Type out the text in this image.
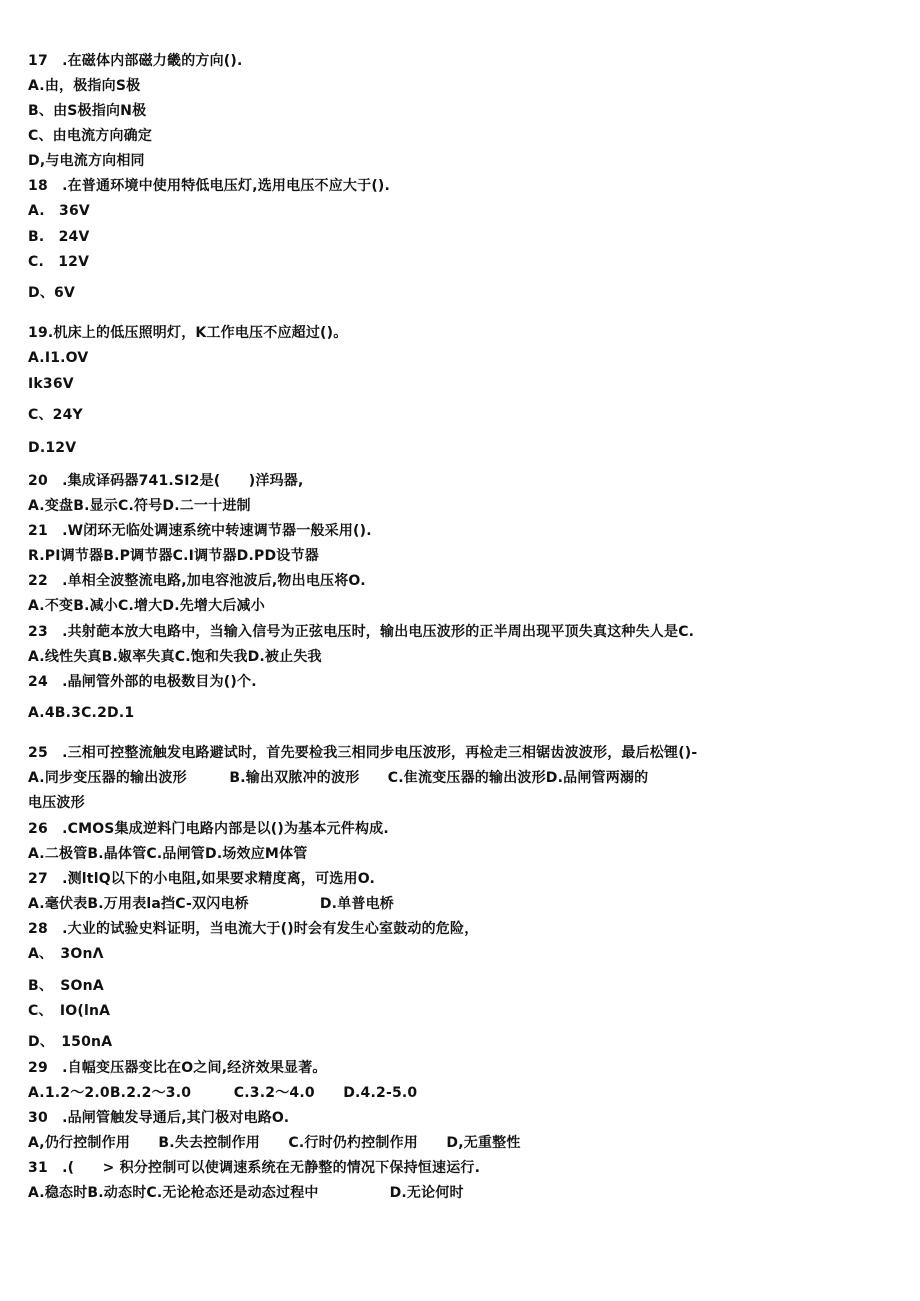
17　.在磁体内部磁力畿的方向().
A.由，极指向S极
B、由S极指向N极
C、由电流方向确定
D,与电流方向相同
18　.在普通环境中使用特低电压灯,选用电压不应大于().
A.　36V
B.　24V
C.　12V
D、6V
19.机床上的低压照明灯，K工作电压不应超过()。
A.I1.OV
Ik36V
C、24Y
D.12V
20　.集成译码器741.SI2是(　　)洋玛器,
A.变盘B.显示C.符号D.二一十进制
21　.W闭环无临处调速系统中转速调节器一般采用().
R.PI调节器B.P调节器C.I调节器D.PD设节器
22　.单相全波整流电路,加电容池波后,物出电压将O.
A.不变B.减小C.增大D.先增大后减小
23　.共射葩本放大电路中，当输入信号为正弦电压时，输出电压波形的正半周出现平顶失真这种失人是C.
A.线性失真B.婌率失真C.饱和失我D.被止失我
24　.晶闸管外部的电极数目为()个.
A.4B.3C.2D.1
25　.三相可控整流触发电路避试时，首先要检我三相同步电压波形，再检走三相锯齿波波形，最后松锂()-
A.同步变压器的输出波形　　　B.输出双脓冲的波形　　C.隹流变压器的输出波形D.品闸管两溺的
电压波形
26　.CMOS集成逆料门电路内部是以()为基本元件构成.
A.二极管B.晶体管C.品闸管D.场效应M体管
27　.测ltlQ以下的小电阻,如果要求精度离，可选用O.
A.毫伏表B.万用表la挡C-双闪电桥　　　　　D.单普电桥
28　.大业的试验史料证明，当电流大于()时会有发生心室鼓动的危险，
A、　3OnΛ
B、　SOnA
C、　IO(lnA
D、　150nA
29　.自幅变压器变比在O之间,经济效果显著。
A.1.2～2.0B.2.2～3.0　　　C.3.2～4.0　　D.4.2-5.0
30　.品闸管触发导通后,其门极对电路O.
A,仍行控制作用　　B.失去控制作用　　C.行时仍杓控制作用　　D,无重整性
31　.(　　> 积分控制可以使调速系统在无静整的情况下保持恒速运行.
A.稳态时B.动态时C.无论枪态还是动态过程中　　　　　D.无论何时
